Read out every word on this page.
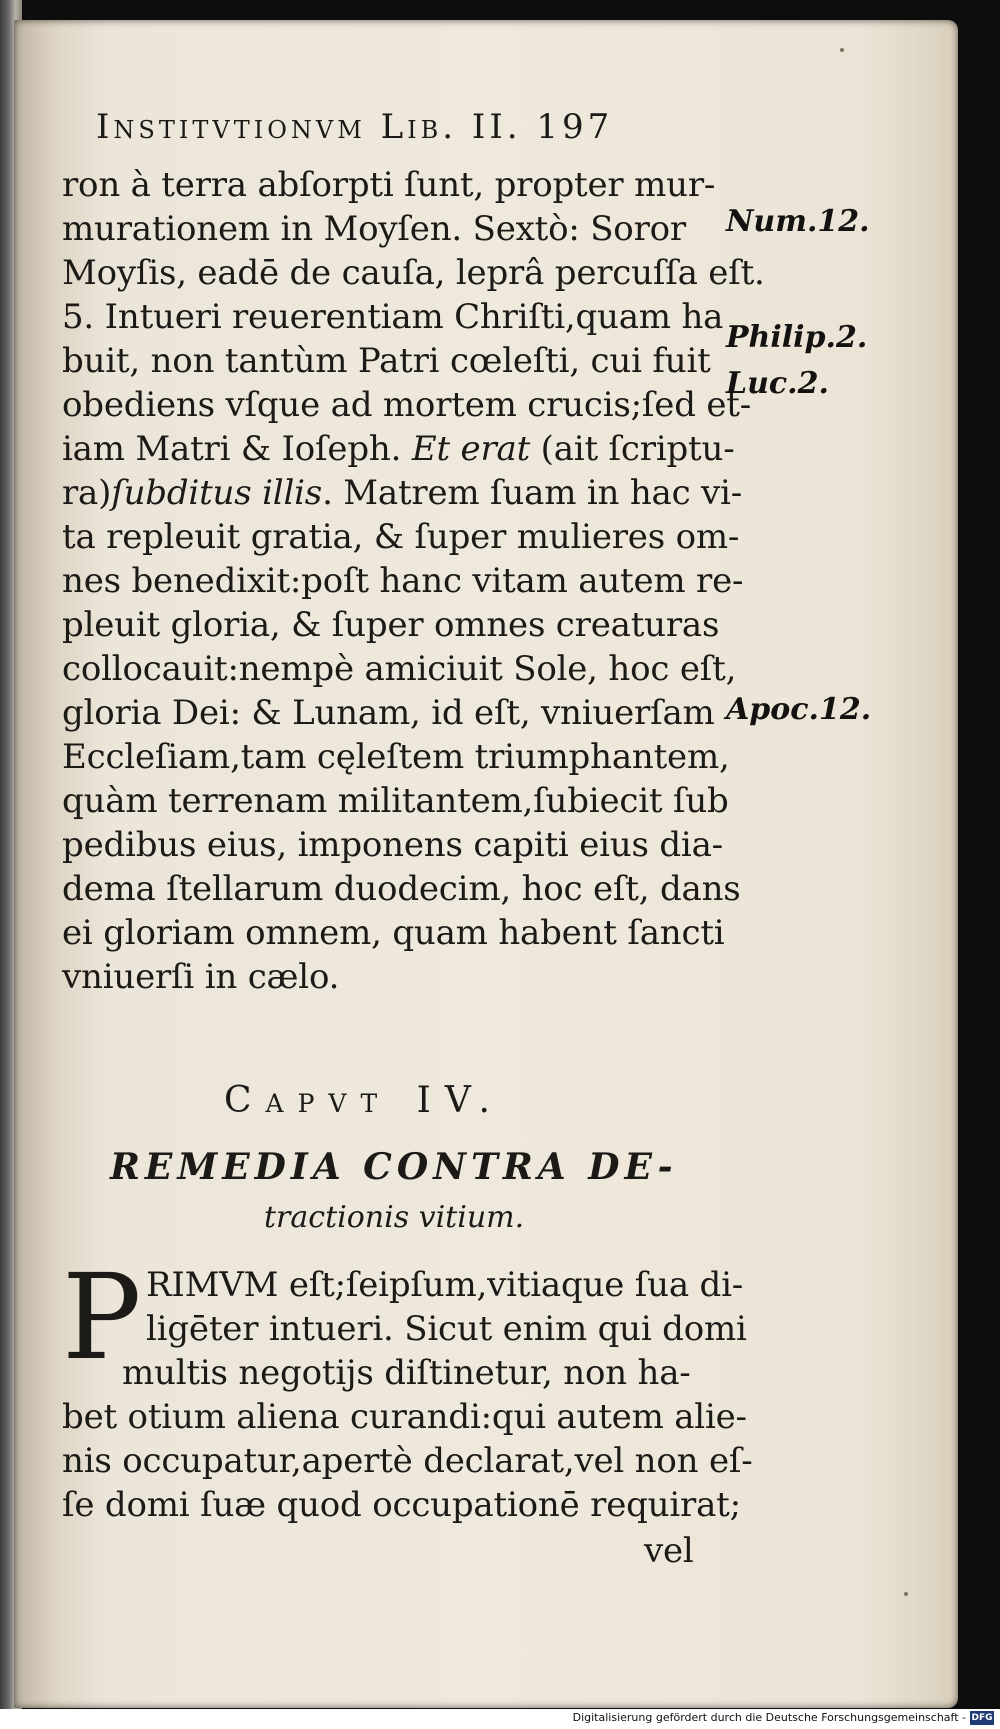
Institvtionvm Lib. II. 197
ron à terra abſorpti ſunt, propter mur-
murationem in Moyſen. Sextò: Soror
Moyſis, eadē de cauſa, leprâ percuſſa eſt.
5. Intueri reuerentiam Chriſti,quam ha
buit, non tantùm Patri cœleſti, cui fuit
obediens vſque ad mortem crucis;ſed et-
iam Matri & Ioſeph. Et erat (ait ſcriptu-
ra)ſubditus illis. Matrem ſuam in hac vi-
ta repleuit gratia, & ſuper mulieres om-
nes benedixit:poſt hanc vitam autem re-
pleuit gloria, & ſuper omnes creaturas
collocauit:nempè amiciuit Sole, hoc eſt,
gloria Dei: & Lunam, id eſt, vniuerſam
Eccleſiam,tam cęleſtem triumphantem,
quàm terrenam militantem,ſubiecit ſub
pedibus eius, imponens capiti eius dia-
dema ſtellarum duodecim, hoc eſt, dans
ei gloriam omnem, quam habent ſancti
vniuerſi in cælo.
Num.12.
Philip.2.
Luc.2.
Apoc.12.
Capvt IV.
REMEDIA CONTRA DE-
tractionis vitium.
P RIMVM eſt;ſeipſum,vitiaque ſua di-
ligēter intueri. Sicut enim qui domi
multis negotijs diſtinetur, non ha-
bet otium aliena curandi:qui autem alie-
nis occupatur,apertè declarat,vel non eſ-
ſe domi ſuæ quod occupationē requirat;
vel
Digitalisierung gefördert durch die Deutsche Forschungsgemeinschaft - DFG
